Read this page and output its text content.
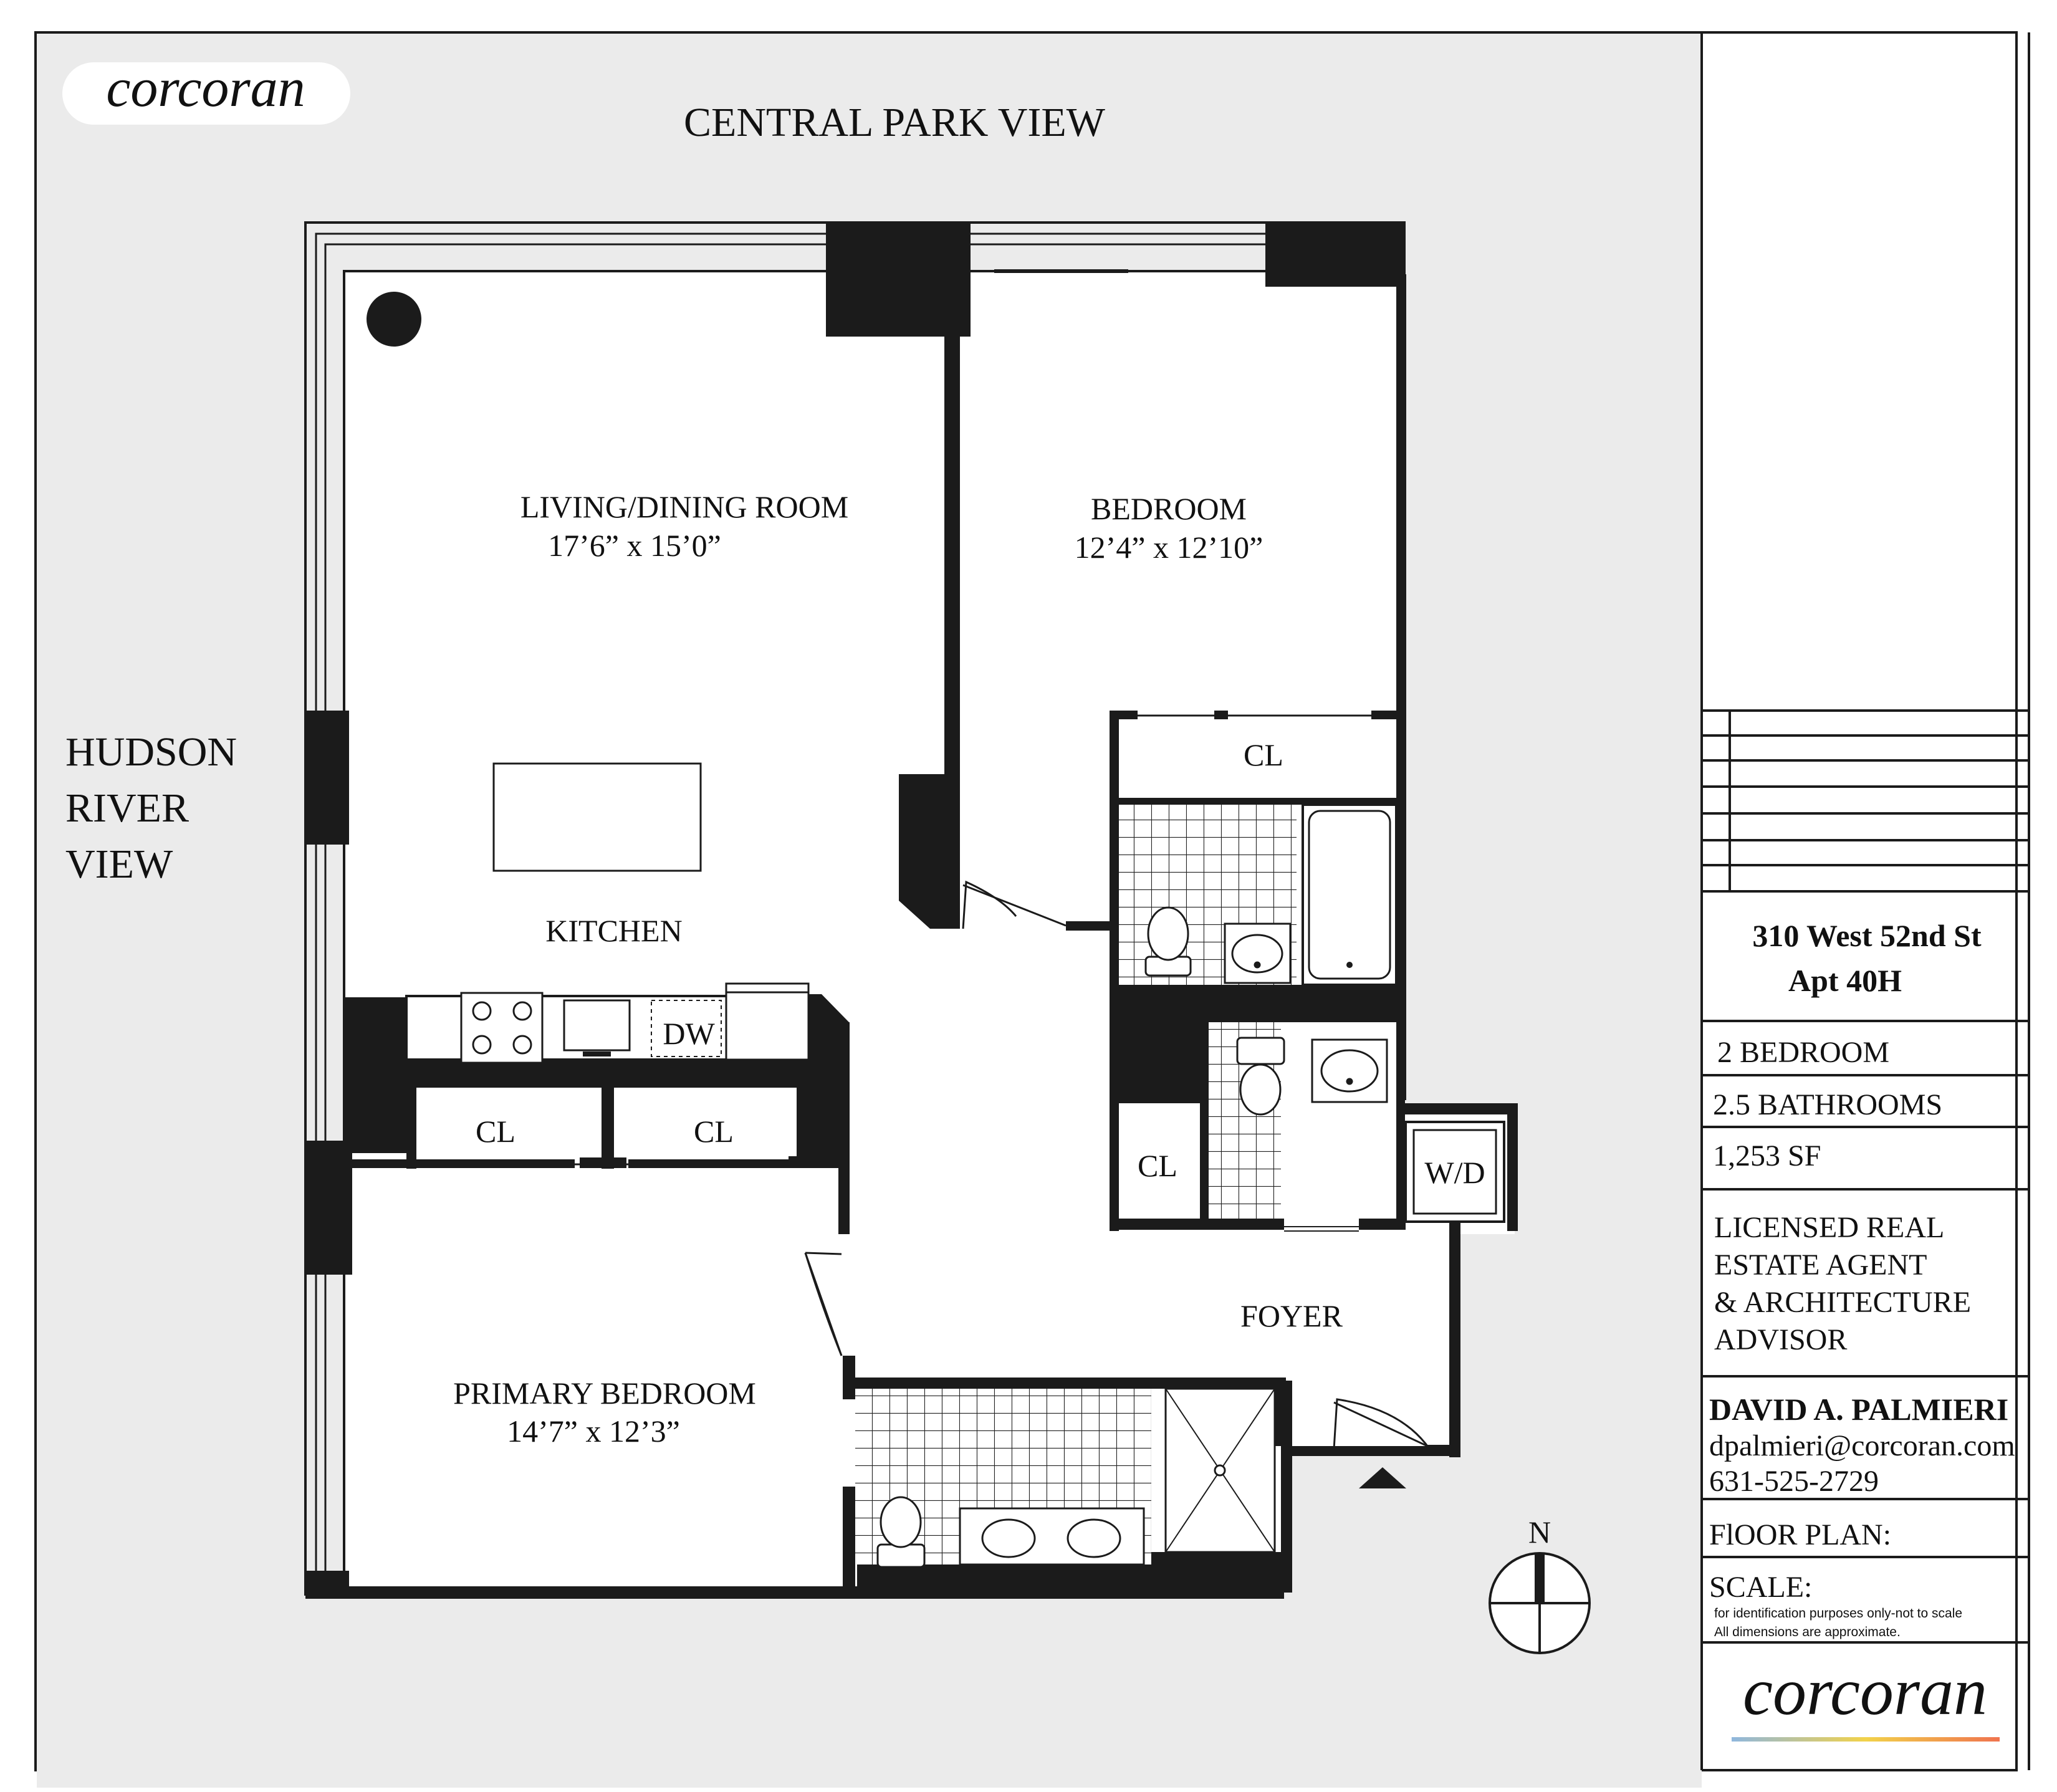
corcoran
CENTRAL PARK VIEW
HUDSON
RIVER
VIEW
LIVING/DINING ROOM
17’6” x 15’0”
BEDROOM
12’4” x 12’10”
KITCHEN
FOYER
PRIMARY BEDROOM
14’7” x 12’3”
CL
CL	CL
CL
DW
W/D
N
310 West 52nd St
Apt 40H
2 BEDROOM
2.5 BATHROOMS
1,253 SF
LICENSED REAL
ESTATE AGENT
& ARCHITECTURE
ADVISOR
DAVID A. PALMIERI
dpalmieri@corcoran.com
631-525-2729
FlOOR PLAN:
SCALE:
for identification purposes only-not to scale
All dimensions are approximate.
corcoran
